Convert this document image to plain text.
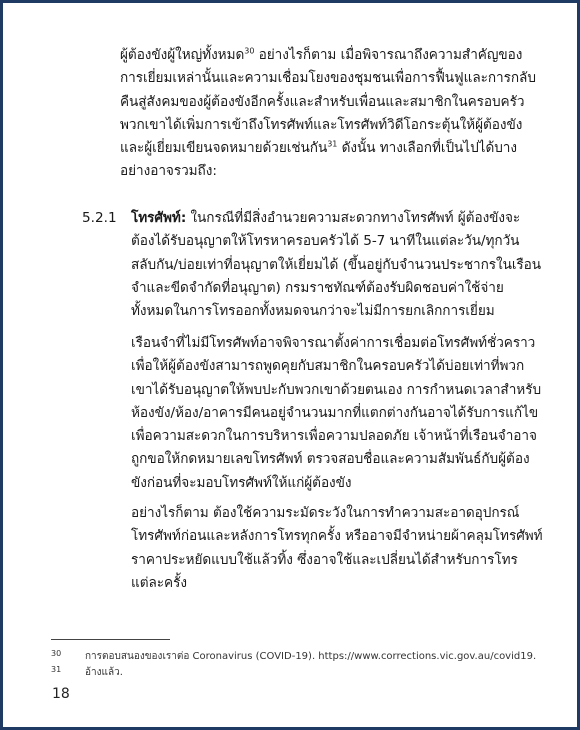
ผู้ต้องขังผู้ใหญ่ทั้งหมด$^{30}$ อย่างไรก็ตาม เมื่อพิจารณาถึงความสำคัญของการเยี่ยมเหล่านั้นและความเชื่อมโยงของชุมชนเพื่อการฟื้นฟูและการกลับคืนสู่สังคมของผู้ต้องขังอีกครั้งและสำหรับเพื่อนและสมาชิกในครอบครัวพวกเขาได้เพิ่มการเข้าถึงโทรศัพท์และโทรศัพท์วิดีโอกระตุ้นให้ผู้ต้องขังและผู้เยี่ยมเขียนจดหมายด้วยเช่นกัน$^{31}$ ดังนั้น ทางเลือกที่เป็นไปได้บางอย่างอาจรวมถึง:
5.2.1 โทรศัพท์: ในกรณีที่มีสิ่งอำนวยความสะดวกทางโทรศัพท์ ผู้ต้องขังจะต้องได้รับอนุญาตให้โทรหาครอบครัวได้ 5-7 นาทีในแต่ละวัน/ทุกวันสลับกัน/บ่อยเท่าที่อนุญาตให้เยี่ยมได้ (ขึ้นอยู่กับจำนวนประชากรในเรือนจำและขีดจำกัดที่อนุญาต) กรมราชทัณฑ์ต้องรับผิดชอบค่าใช้จ่ายทั้งหมดในการโทรออกทั้งหมดจนกว่าจะไม่มีการยกเลิกการเยี่ยม
เรือนจำที่ไม่มีโทรศัพท์อาจพิจารณาตั้งค่าการเชื่อมต่อโทรศัพท์ชั่วคราวเพื่อให้ผู้ต้องขังสามารถพูดคุยกับสมาชิกในครอบครัวได้บ่อยเท่าที่พวกเขาได้รับอนุญาตให้พบปะกับพวกเขาด้วยตนเอง การกำหนดเวลาสำหรับห้องขัง/ห้อง/อาคารมีคนอยู่จำนวนมากที่แตกต่างกันอาจได้รับการแก้ไขเพื่อความสะดวกในการบริหารเพื่อความปลอดภัย เจ้าหน้าที่เรือนจำอาจถูกขอให้กดหมายเลขโทรศัพท์ ตรวจสอบชื่อและความสัมพันธ์กับผู้ต้องขังก่อนที่จะมอบโทรศัพท์ให้แก่ผู้ต้องขัง
อย่างไรก็ตาม ต้องใช้ความระมัดระวังในการทำความสะอาดอุปกรณ์โทรศัพท์ก่อนและหลังการโทรทุกครั้ง หรืออาจมีจำหน่ายผ้าคลุมโทรศัพท์ราคาประหยัดแบบใช้แล้วทิ้ง ซึ่งอาจใช้และเปลี่ยนได้สำหรับการโทรแต่ละครั้ง
30 การตอบสนองของเราต่อ Coronavirus (COVID-19). https://www.corrections.vic.gov.au/covid19.
31 อ้างแล้ว.
18
